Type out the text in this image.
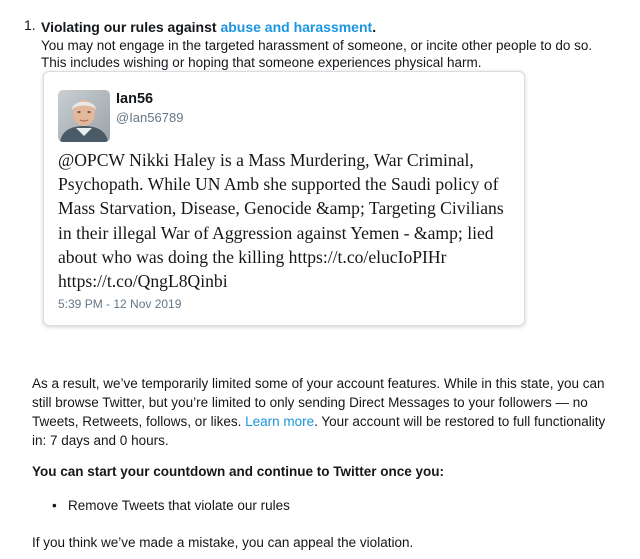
1. Violating our rules against abuse and harassment.
You may not engage in the targeted harassment of someone, or incite other people to do so.
This includes wishing or hoping that someone experiences physical harm.
Ian56
@Ian56789
@OPCW Nikki Haley is a Mass Murdering, War Criminal, Psychopath. While UN Amb she supported the Saudi policy of Mass Starvation, Disease, Genocide &amp; Targeting Civilians in their illegal War of Aggression against Yemen - &amp; lied about who was doing the killing https://t.co/elucIoPIHr https://t.co/QngL8Qinbi
5:39 PM - 12 Nov 2019
As a result, we’ve temporarily limited some of your account features. While in this state, you can still browse Twitter, but you’re limited to only sending Direct Messages to your followers — no Tweets, Retweets, follows, or likes. Learn more. Your account will be restored to full functionality in: 7 days and 0 hours.
You can start your countdown and continue to Twitter once you:
• Remove Tweets that violate our rules
If you think we’ve made a mistake, you can appeal the violation.
